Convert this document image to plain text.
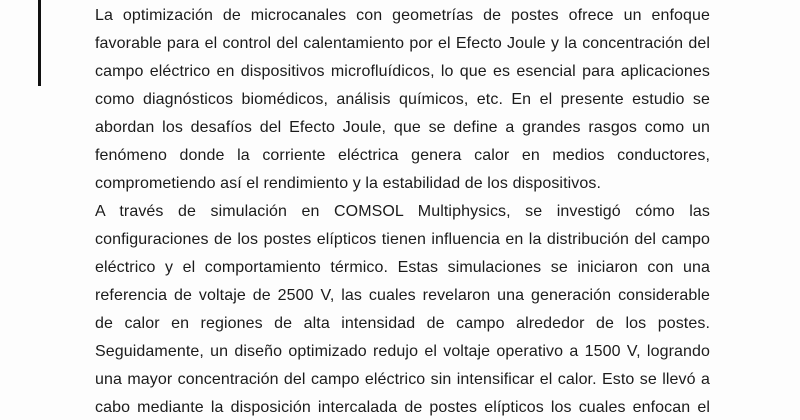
La optimización de microcanales con geometrías de postes ofrece un enfoque
favorable para el control del calentamiento por el Efecto Joule y la concentración del
campo eléctrico en dispositivos microfluídicos, lo que es esencial para aplicaciones
como diagnósticos biomédicos, análisis químicos, etc. En el presente estudio se
abordan los desafíos del Efecto Joule, que se define a grandes rasgos como un
fenómeno donde la corriente eléctrica genera calor en medios conductores,
comprometiendo así el rendimiento y la estabilidad de los dispositivos.
A través de simulación en COMSOL Multiphysics, se investigó cómo las
configuraciones de los postes elípticos tienen influencia en la distribución del campo
eléctrico y el comportamiento térmico. Estas simulaciones se iniciaron con una
referencia de voltaje de 2500 V, las cuales revelaron una generación considerable
de calor en regiones de alta intensidad de campo alrededor de los postes.
Seguidamente, un diseño optimizado redujo el voltaje operativo a 1500 V, logrando
una mayor concentración del campo eléctrico sin intensificar el calor. Esto se llevó a
cabo mediante la disposición intercalada de postes elípticos los cuales enfocan el
